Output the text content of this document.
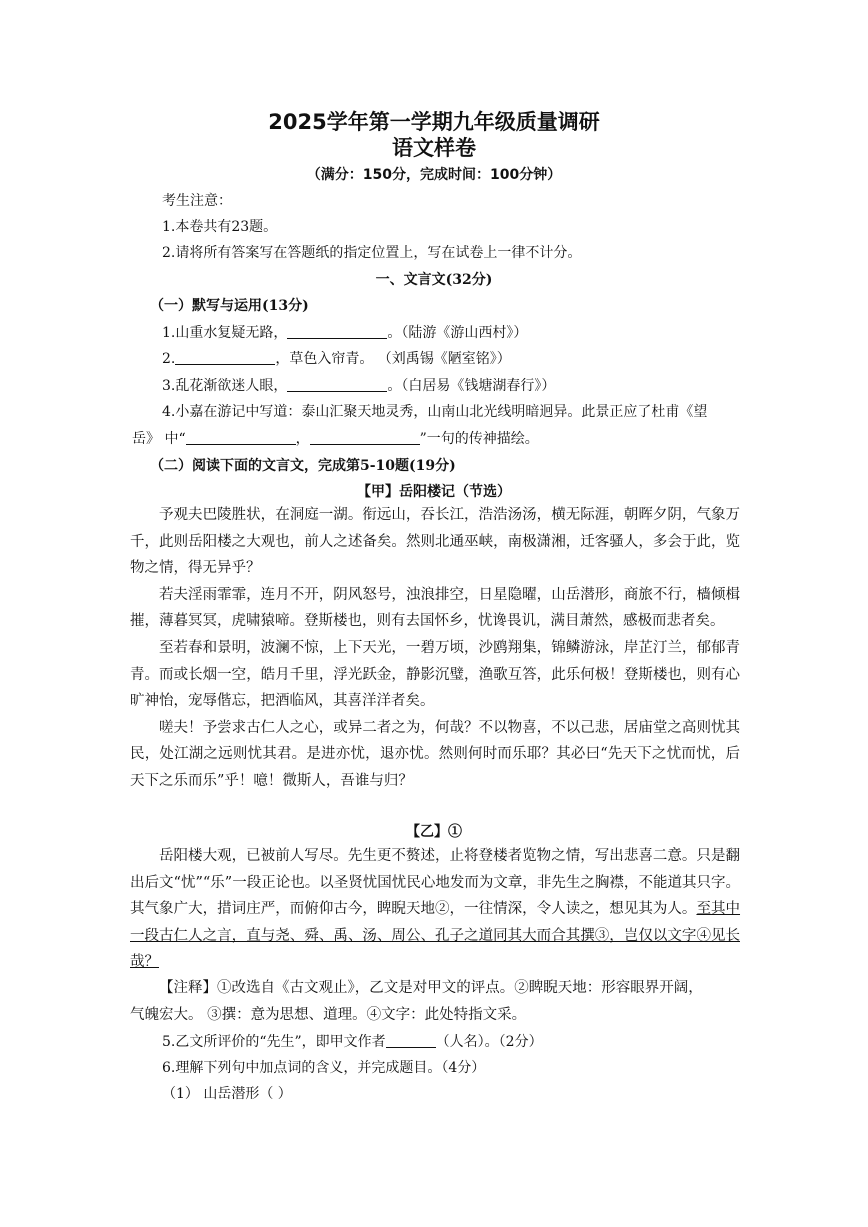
2025学年第一学期九年级质量调研
语文样卷
（满分：150分，完成时间：100分钟）
考生注意：
1.本卷共有23题。
2.请将所有答案写在答题纸的指定位置上，写在试卷上一律不计分。
一、文言文(32分)
（一）默写与运用(13分)
1.山重水复疑无路，	。（陆游《游山西村》）
2.	，草色入帘青。 （刘禹锡《陋室铭》）
3.乱花渐欲迷人眼，	。（白居易《钱塘湖春行》）
4.小嘉在游记中写道：泰山汇聚天地灵秀，山南山北光线明暗迥异。此景正应了杜甫《望
岳》 中“	，	”一句的传神描绘。
（二）阅读下面的文言文，完成第5-10题(19分)
【甲】岳阳楼记（节选）

予观夫巴陵胜状，在洞庭一湖。衔远山，吞长江，浩浩汤汤，横无际涯，朝晖夕阴，气象万千，此则岳阳楼之大观也，前人之述备矣。然则北通巫峡，南极潇湘，迁客骚人，多会于此，览物之情，得无异乎？

若夫淫雨霏霏，连月不开，阴风怒号，浊浪排空，日星隐曜，山岳潜形，商旅不行，樯倾楫摧，薄暮冥冥，虎啸猿啼。登斯楼也，则有去国怀乡，忧谗畏讥，满目萧然，感极而悲者矣。

至若春和景明，波澜不惊，上下天光，一碧万顷，沙鸥翔集，锦鳞游泳，岸芷汀兰，郁郁青青。而或长烟一空，皓月千里，浮光跃金，静影沉璧，渔歌互答，此乐何极！登斯楼也，则有心旷神怡，宠辱偕忘，把酒临风，其喜洋洋者矣。

嗟夫！予尝求古仁人之心，或异二者之为，何哉？不以物喜，不以己悲，居庙堂之高则忧其民，处江湖之远则忧其君。是进亦忧，退亦忧。然则何时而乐耶？其必曰“先天下之忧而忧，后天下之乐而乐”乎！噫！微斯人，吾谁与归？

【乙】①

岳阳楼大观，已被前人写尽。先生更不赘述，止将登楼者览物之情，写出悲喜二意。只是翻出后文“忧”“乐”一段正论也。以圣贤忧国忧民心地发而为文章，非先生之胸襟，不能道其只字。其气象广大，措词庄严，而俯仰古今，睥睨天地②，一往情深，令人读之，想见其为人。至其中一段古仁人之言，直与尧、舜、禹、汤、周公、孔子之道同其大而合其撰③，岂仅以文字④见长哉？

【注释】①改选自《古文观止》，乙文是对甲文的评点。②睥睨天地：形容眼界开阔，

气魄宏大。 ③撰：意为思想、道理。④文字：此处特指文采。

5.乙文所评价的“先生”，即甲文作者	（人名）。（2分）
6.理解下列句中加点词的含义，并完成题目。（4分）
（1） 山岳潜形（ ）
